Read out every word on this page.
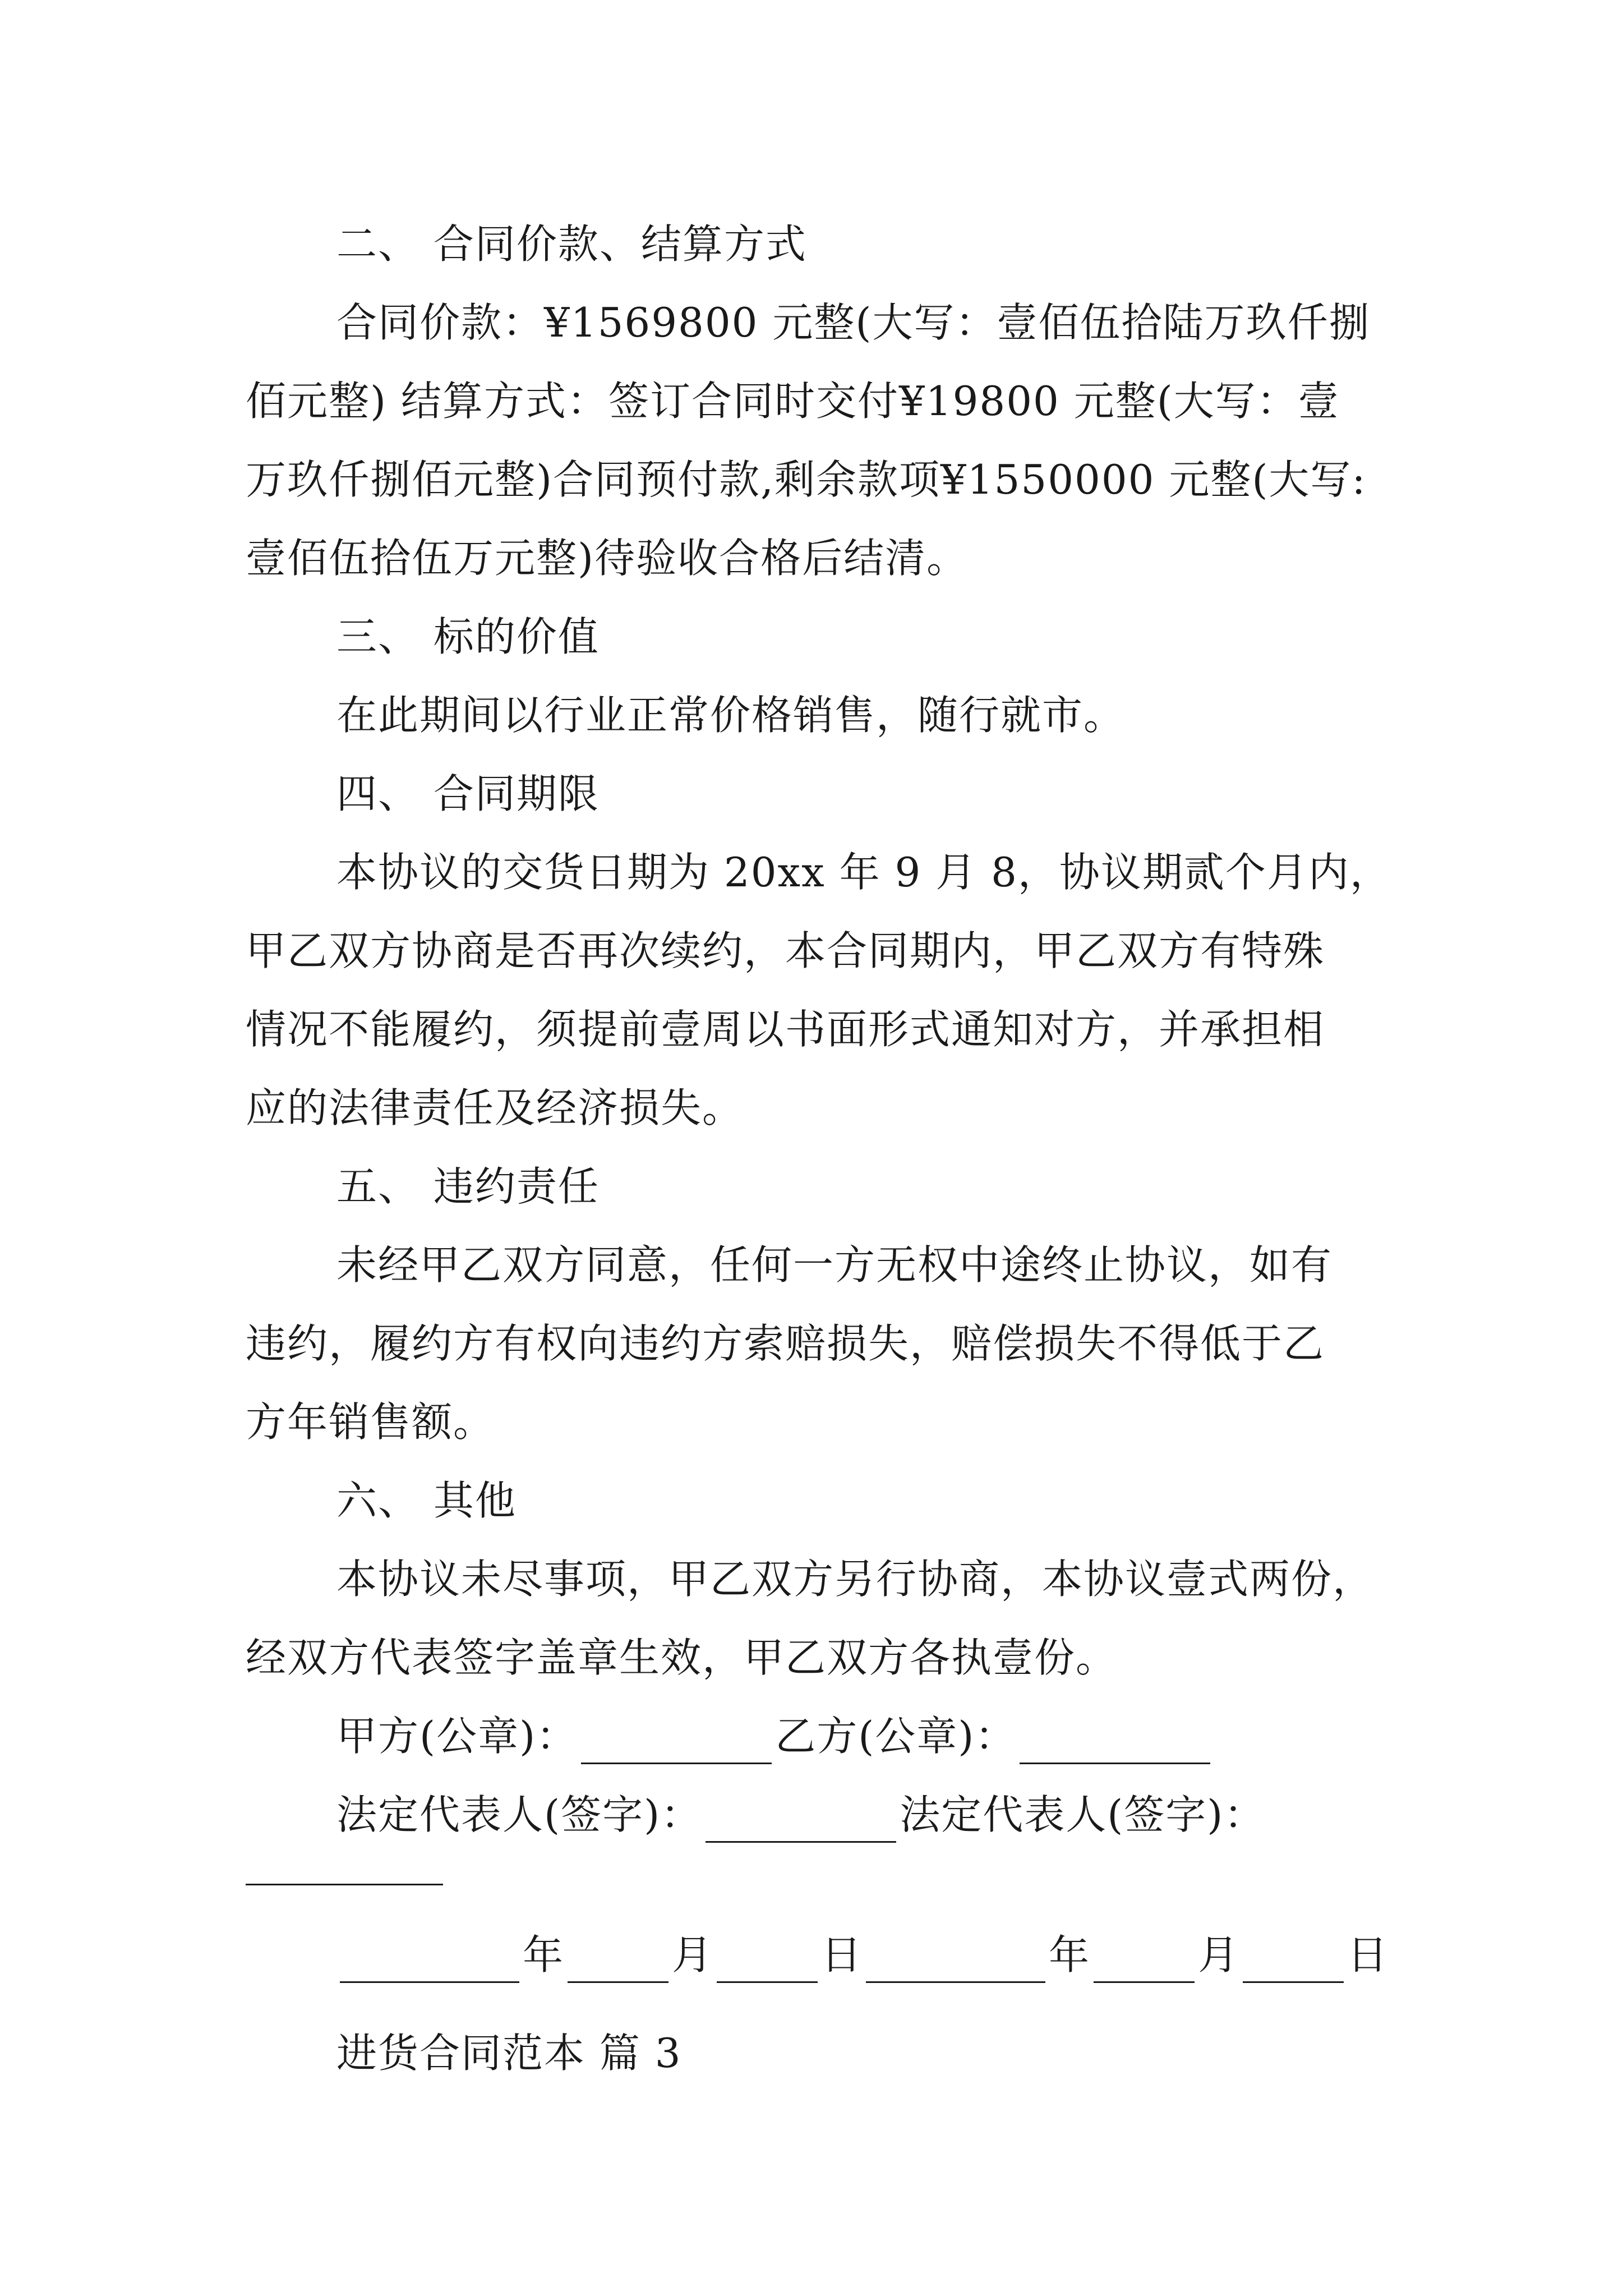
二、 合同价款、结算方式
合同价款：¥1569800 元整(大写：壹佰伍拾陆万玖仟捌
佰元整) 结算方式：签订合同时交付¥19800 元整(大写：壹
万玖仟捌佰元整)合同预付款,剩余款项¥1550000 元整(大写:
壹佰伍拾伍万元整)待验收合格后结清。
三、 标的价值
在此期间以行业正常价格销售，随行就市。
四、 合同期限
本协议的交货日期为 20xx 年 9 月 8，协议期贰个月内，
甲乙双方协商是否再次续约，本合同期内，甲乙双方有特殊
情况不能履约，须提前壹周以书面形式通知对方，并承担相
应的法律责任及经济损失。
五、 违约责任
未经甲乙双方同意，任何一方无权中途终止协议，如有
违约，履约方有权向违约方索赔损失，赔偿损失不得低于乙
方年销售额。
六、 其他
本协议未尽事项，甲乙双方另行协商，本协议壹式两份，
经双方代表签字盖章生效，甲乙双方各执壹份。
甲方(公章)：	乙方(公章)：
法定代表人(签字)：	法定代表人(签字)：
年	月	日	年	月	日
进货合同范本 篇 3
